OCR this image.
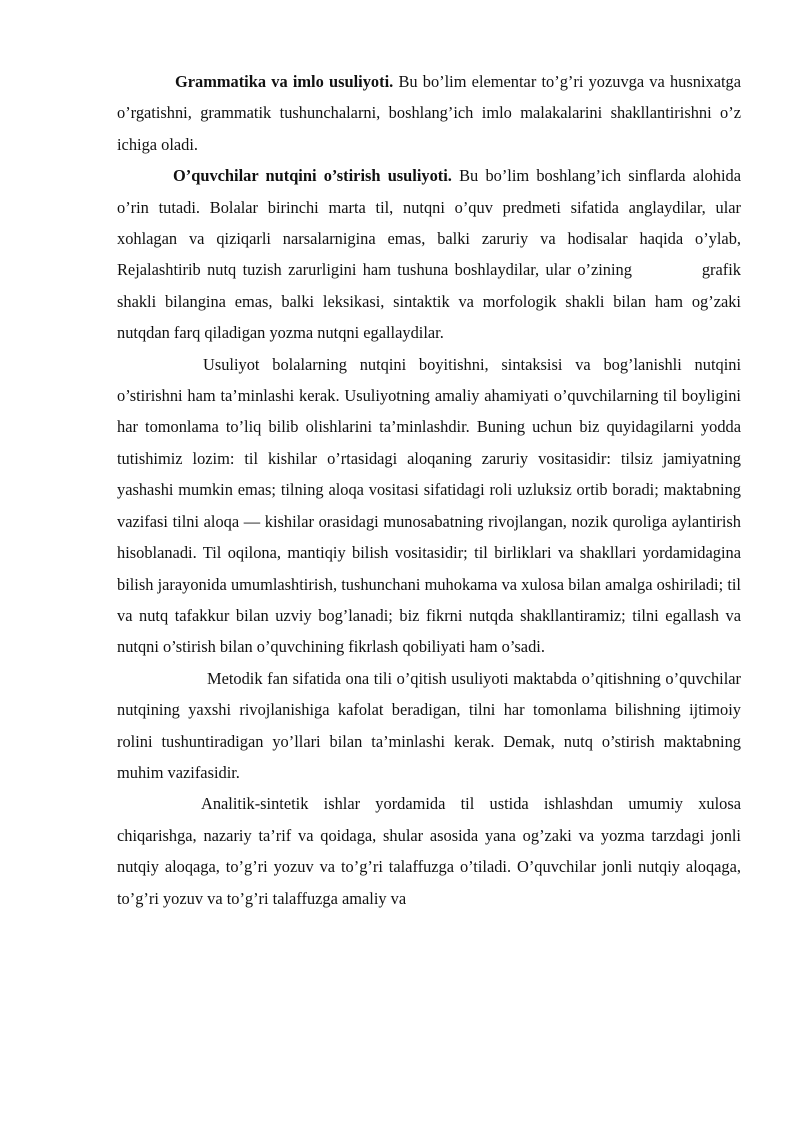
Grammatika va imlo usuliyoti. Bu bo’lim elementar to’g’ri yozuvga va husnixatga o’rgatishni, grammatik tushunchalarni, boshlang’ich imlo malakalarini shakllantirishni o’z ichiga oladi.

O’quvchilar nutqini o’stirish usuliyoti. Bu bo’lim boshlang’ich sinflarda alohida o’rin tutadi. Bolalar birinchi marta til, nutqni o’quv predmeti sifatida anglaydilar, ular xohlagan va qiziqarli narsalarnigina emas, balki zaruriy va hodisalar haqida o’ylab, Rejalashtirib nutq tuzish zarurligini ham tushuna boshlaydilar, ular o’zining           grafik shakli bilangina emas, balki leksikasi, sintaktik va morfologik shakli bilan ham og’zaki nutqdan farq qiladigan yozma nutqni egallaydilar.

Usuliyot bolalarning nutqini boyitishni, sintaksisi va bog’lanishli nutqini o’stirishni ham ta’minlashi kerak. Usuliyotning amaliy ahamiyati o’quvchilarning til boyligini har tomonlama to’liq bilib olishlarini ta’minlashdir. Buning uchun biz quyidagilarni yodda tutishimiz lozim: til kishilar o’rtasidagi aloqaning zaruriy vositasidir: tilsiz jamiyatning yashashi mumkin emas; tilning aloqa vositasi sifatidagi roli uzluksiz ortib boradi; maktabning vazifasi tilni aloqa — kishilar orasidagi munosabatning rivojlangan, nozik quroliga aylantirish hisoblanadi. Til oqilona, mantiqiy bilish vositasidir; til birliklari va shakllari yordamidagina bilish jarayonida umumlashtirish, tushunchani muhokama va xulosa bilan amalga oshiriladi; til va nutq tafakkur bilan uzviy bog’lanadi; biz fikrni nutqda shakllantiramiz; tilni egallash va nutqni o’stirish bilan o’quvchining fikrlash qobiliyati ham o’sadi.

Metodik fan sifatida ona tili o’qitish usuliyoti maktabda o’qitishning o’quvchilar nutqining yaxshi rivojlanishiga kafolat beradigan, tilni har tomonlama bilishning ijtimoiy rolini tushuntiradigan yo’llari bilan ta’minlashi kerak. Demak, nutq o’stirish maktabning muhim vazifasidir.

Analitik-sintetik ishlar yordamida til ustida ishlashdan umumiy xulosa chiqarishga, nazariy ta’rif va qoidaga, shular asosida yana og’zaki va yozma tarzdagi jonli nutqiy aloqaga, to’g’ri yozuv va to’g’ri talaffuzga o’tiladi. O’quvchilar jonli nutqiy aloqaga, to’g’ri yozuv va to’g’ri talaffuzga amaliy va
